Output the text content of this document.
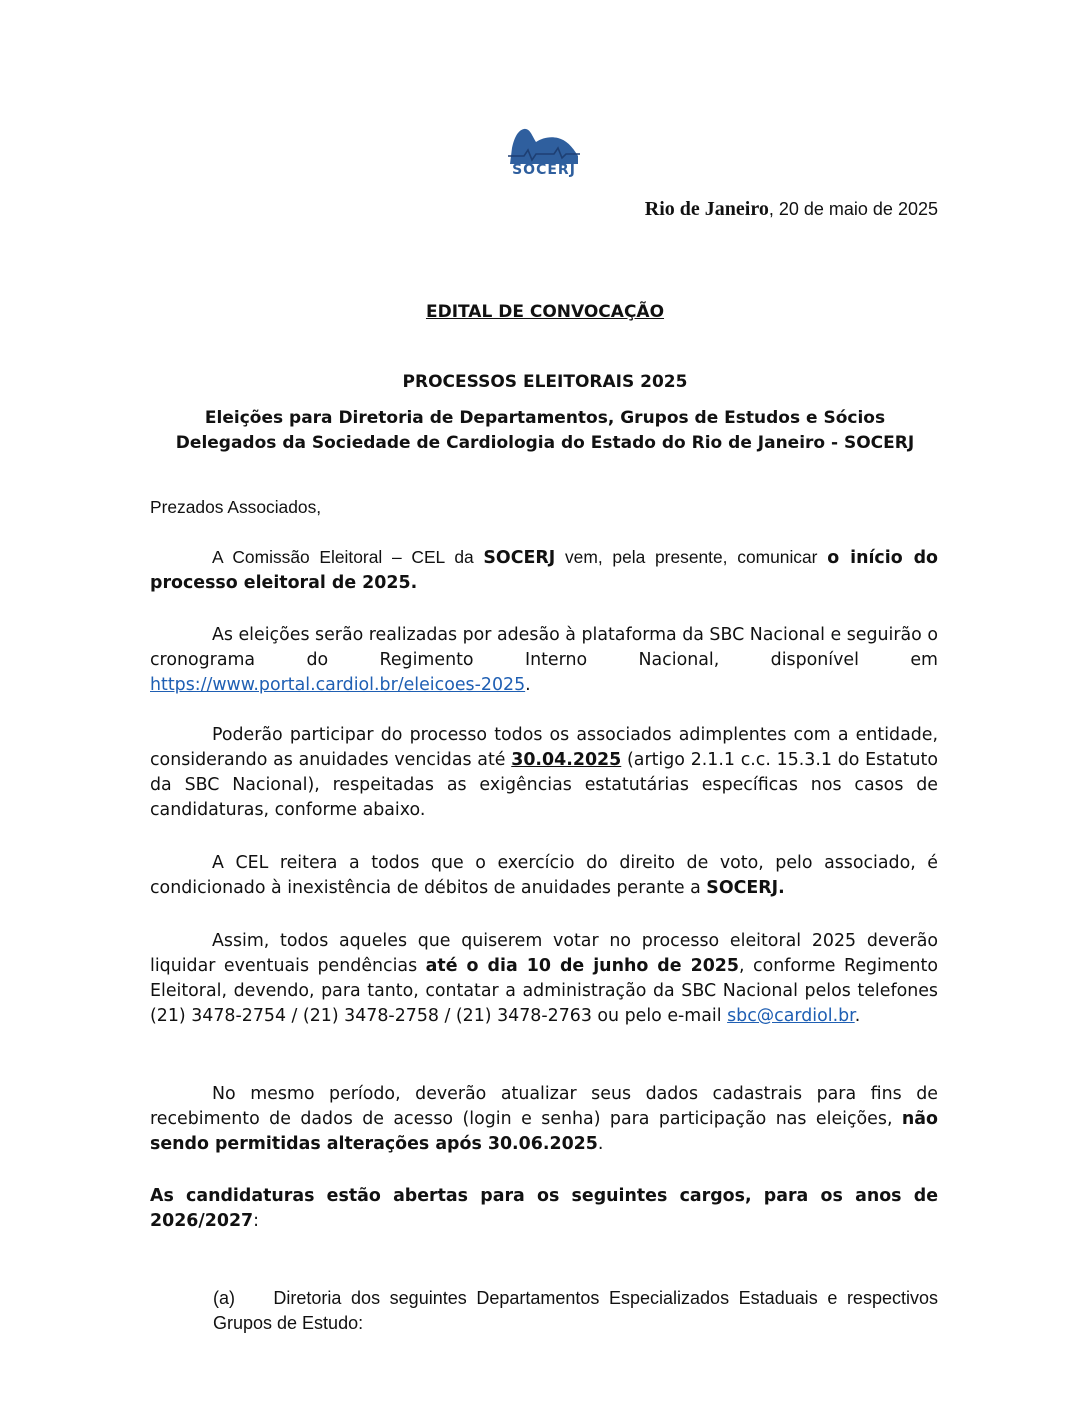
SOCERJ
Rio de Janeiro, 20 de maio de 2025
EDITAL DE CONVOCAÇÃO
PROCESSOS ELEITORAIS 2025
Eleições para Diretoria de Departamentos, Grupos de Estudos e Sócios
Delegados da Sociedade de Cardiologia do Estado do Rio de Janeiro - SOCERJ
Prezados Associados,

A Comissão Eleitoral – CEL da SOCERJ vem, pela presente, comunicar o início do processo eleitoral de 2025.

As eleições serão realizadas por adesão à plataforma da SBC Nacional e seguirão o cronograma do Regimento Interno Nacional, disponível em https://www.portal.cardiol.br/eleicoes-2025.

Poderão participar do processo todos os associados adimplentes com a entidade, considerando as anuidades vencidas até 30.04.2025 (artigo 2.1.1 c.c. 15.3.1 do Estatuto da SBC Nacional), respeitadas as exigências estatutárias específicas nos casos de candidaturas, conforme abaixo.

A CEL reitera a todos que o exercício do direito de voto, pelo associado, é condicionado à inexistência de débitos de anuidades perante a SOCERJ.

Assim, todos aqueles que quiserem votar no processo eleitoral 2025 deverão liquidar eventuais pendências até o dia 10 de junho de 2025, conforme Regimento Eleitoral, devendo, para tanto, contatar a administração da SBC Nacional pelos telefones (21) 3478-2754 / (21) 3478-2758 / (21) 3478-2763 ou pelo e-mail sbc@cardiol.br.

No mesmo período, deverão atualizar seus dados cadastrais para fins de recebimento de dados de acesso (login e senha) para participação nas eleições, não sendo permitidas alterações após 30.06.2025.

As candidaturas estão abertas para os seguintes cargos, para os anos de 2026/2027:

(a) Diretoria dos seguintes Departamentos Especializados Estaduais e respectivos Grupos de Estudo:
